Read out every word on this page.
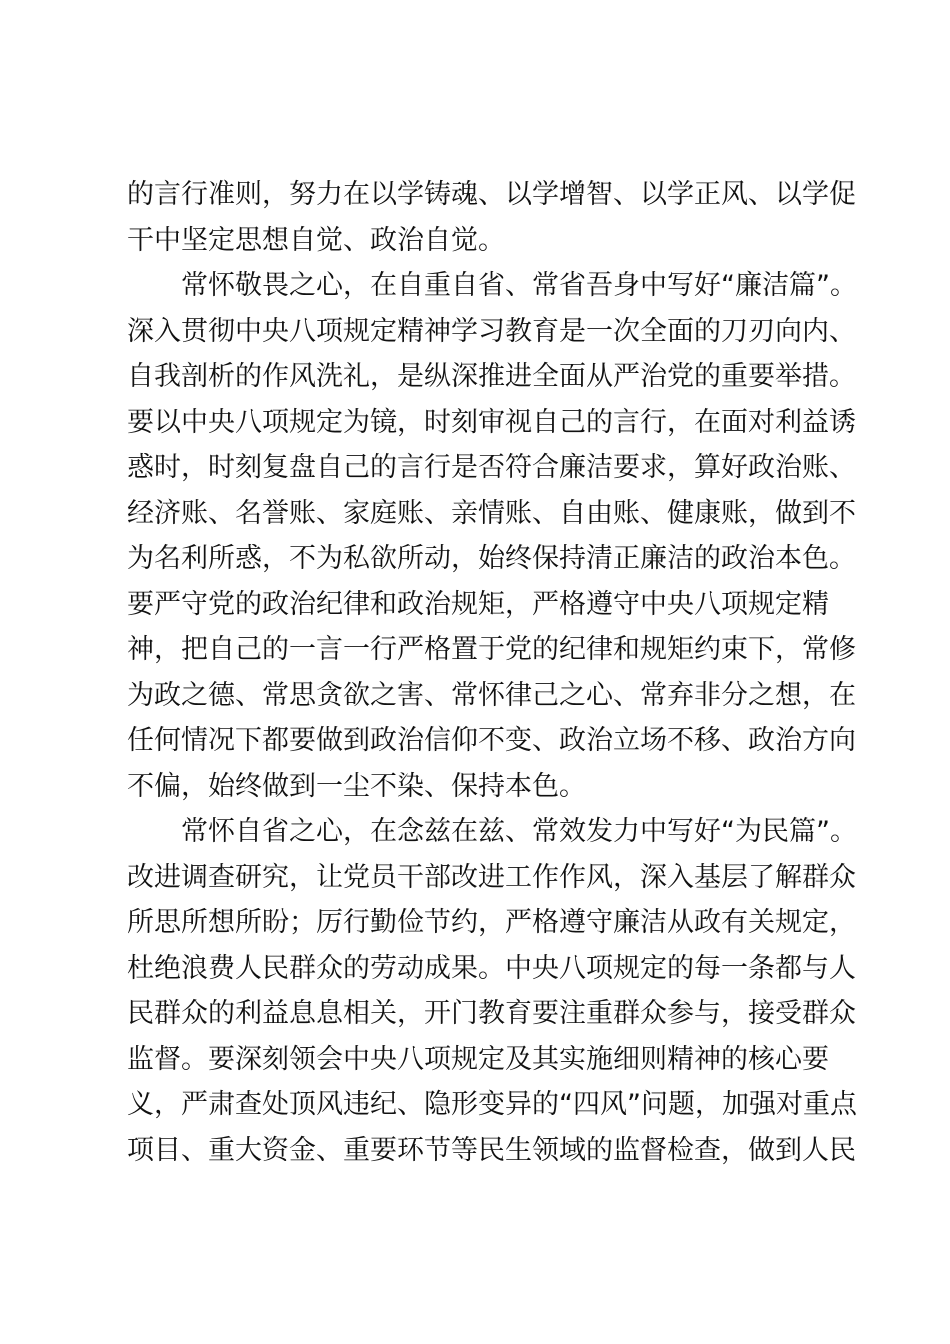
的言行准则，努力在以学铸魂、以学增智、以学正风、以学促
干中坚定思想自觉、政治自觉。
　　常怀敬畏之心，在自重自省、常省吾身中写好“廉洁篇”。
深入贯彻中央八项规定精神学习教育是一次全面的刀刃向内、
自我剖析的作风洗礼，是纵深推进全面从严治党的重要举措。
要以中央八项规定为镜，时刻审视自己的言行，在面对利益诱
惑时，时刻复盘自己的言行是否符合廉洁要求，算好政治账、
经济账、名誉账、家庭账、亲情账、自由账、健康账，做到不
为名利所惑，不为私欲所动，始终保持清正廉洁的政治本色。
要严守党的政治纪律和政治规矩，严格遵守中央八项规定精
神，把自己的一言一行严格置于党的纪律和规矩约束下，常修
为政之德、常思贪欲之害、常怀律己之心、常弃非分之想，在
任何情况下都要做到政治信仰不变、政治立场不移、政治方向
不偏，始终做到一尘不染、保持本色。
　　常怀自省之心，在念兹在兹、常效发力中写好“为民篇”。
改进调查研究，让党员干部改进工作作风，深入基层了解群众
所思所想所盼；厉行勤俭节约，严格遵守廉洁从政有关规定，
杜绝浪费人民群众的劳动成果。中央八项规定的每一条都与人
民群众的利益息息相关，开门教育要注重群众参与，接受群众
监督。要深刻领会中央八项规定及其实施细则精神的核心要
义，严肃查处顶风违纪、隐形变异的“四风”问题，加强对重点
项目、重大资金、重要环节等民生领域的监督检查，做到人民
